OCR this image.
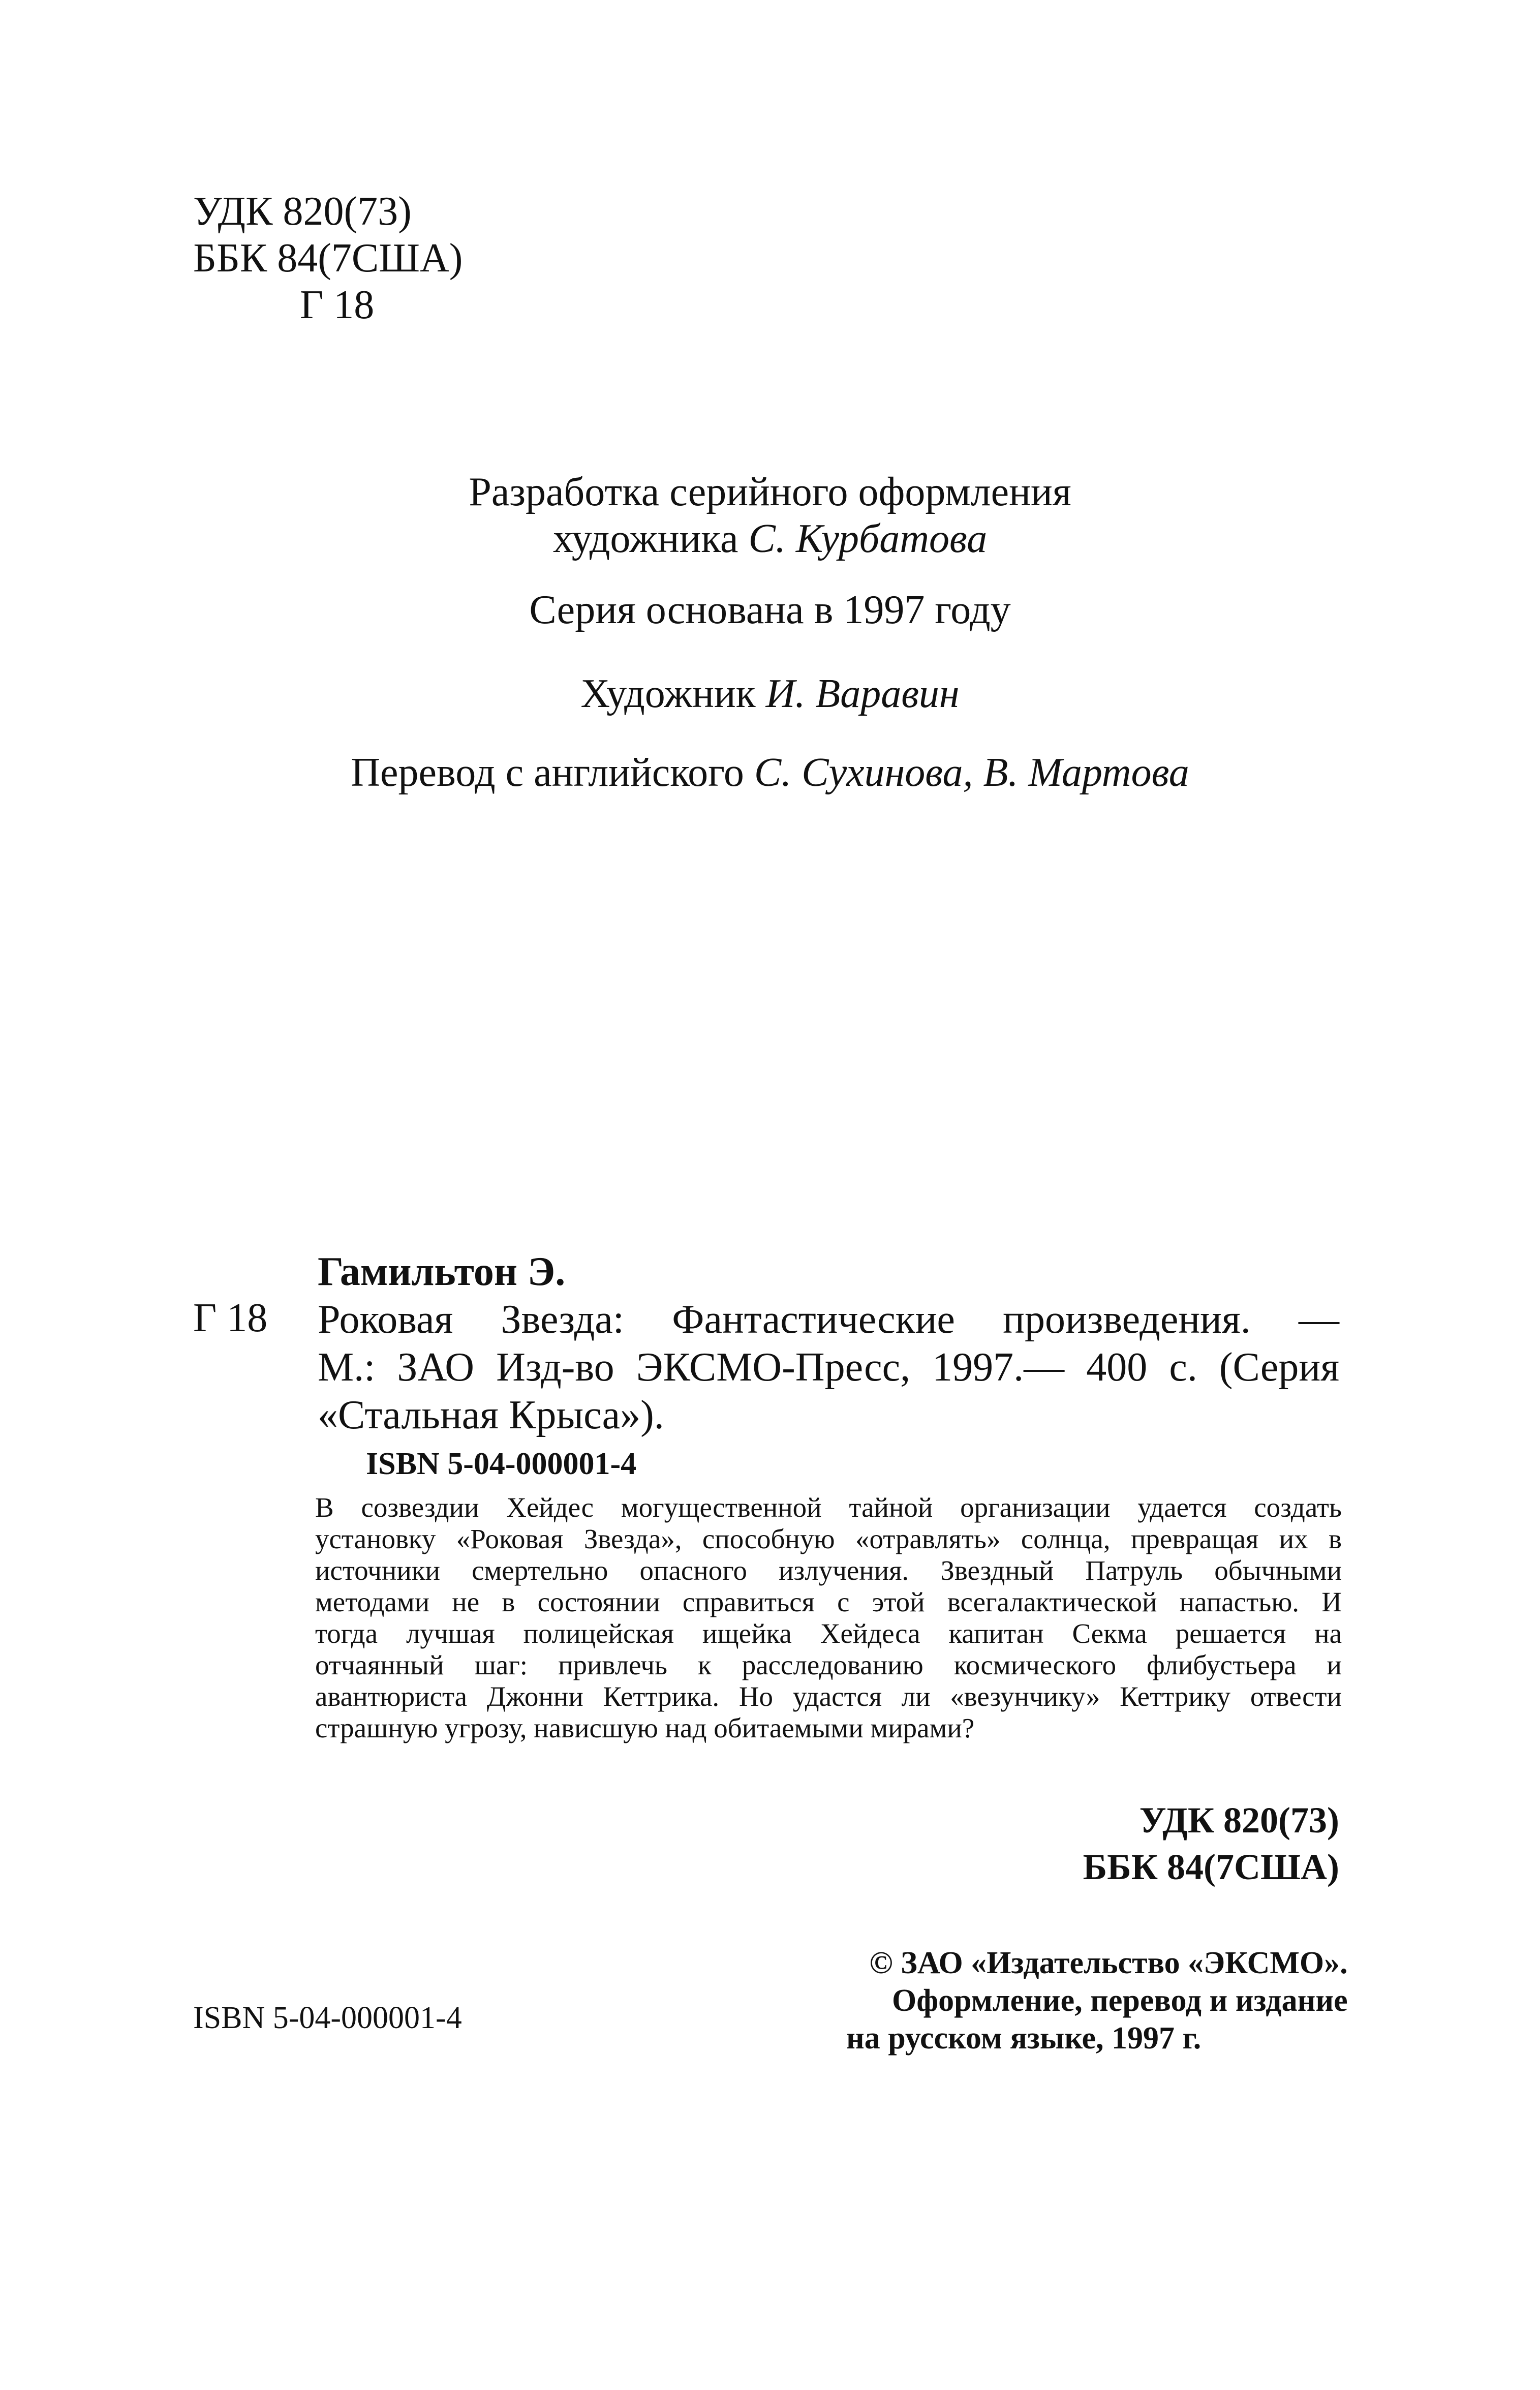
УДК 820(73)
ББК 84(7США)
Г 18
Разработка серийного оформления
художника С. Курбатова
Серия основана в 1997 году
Художник И. Варавин
Перевод с английского С. Сухинова, В. Мартова
Г 18
Гамильтон Э.
Роковая Звезда: Фантастические произведения. —
М.: ЗАО Изд-во ЭКСМО-Пресс, 1997.— 400 с. (Серия
«Стальная Крыса»).
ISBN 5-04-000001-4
В созвездии Хейдес могущественной тайной организации удается создать
установку «Роковая Звезда», способную «отравлять» солнца, превращая их в
источники смертельно опасного излучения. Звездный Патруль обычными
методами не в состоянии справиться с этой всегалактической напастью. И
тогда лучшая полицейская ищейка Хейдеса капитан Секма решается на
отчаянный шаг: привлечь к расследованию космического флибустьера и
авантюриста Джонни Кеттрика. Но удастся ли «везунчику» Кеттрику отвести
страшную угрозу, нависшую над обитаемыми мирами?
УДК 820(73)
ББК 84(7США)
© ЗАО «Издательство «ЭКСМО».
Оформление, перевод и издание
на русском языке, 1997 г.
ISBN 5-04-000001-4
